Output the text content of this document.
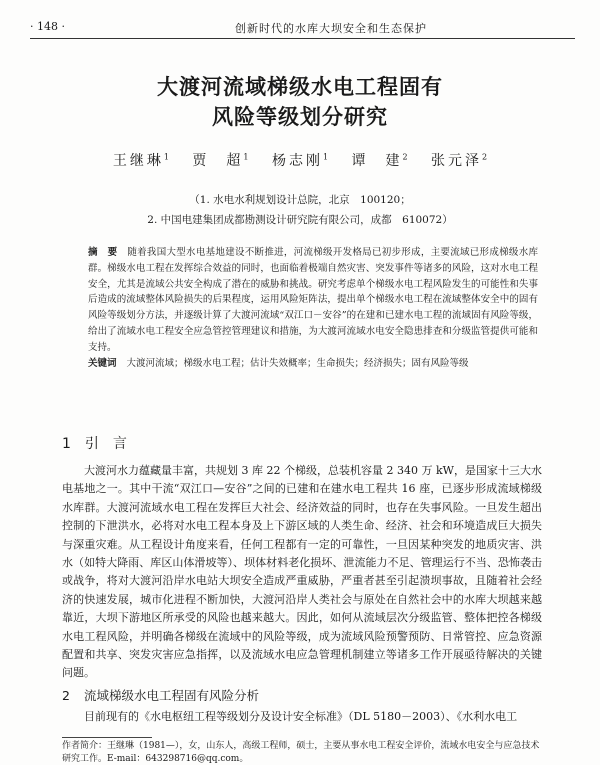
· 148 ·	创新时代的水库大坝安全和生态保护
大渡河流域梯级水电工程固有
风险等级划分研究
王继琳$^1$ 贾　超$^1$ 杨志刚$^1$ 谭　建$^2$ 张元泽$^2$
（1. 水电水利规划设计总院，北京　100120；
2. 中国电建集团成都勘测设计研究院有限公司，成都　610072）
摘　要 随着我国大型水电基地建设不断推进，河流梯级开发格局已初步形成，主要流域已形成梯级水库群。梯级水电工程在发挥综合效益的同时，也面临着极端自然灾害、突发事件等诸多的风险，这对水电工程安全，尤其是流域公共安全构成了潜在的威胁和挑战。研究考虑单个梯级水电工程风险发生的可能性和失事后造成的流域整体风险损失的后果程度，运用风险矩阵法，提出单个梯级水电工程在流域整体安全中的固有风险等级划分方法，并逐级计算了大渡河流域“双江口－安谷”的在建和已建水电工程的流域固有风险等级，给出了流域水电工程安全应急管控管理建议和措施，为大渡河流域水电安全隐患排查和分级监管提供可能和支持。
关键词 大渡河流域；梯级水电工程；估计失效概率；生命损失；经济损失；固有风险等级
1 引　言
大渡河水力蕴藏量丰富，共规划 3 库 22 个梯级，总装机容量 2 340 万 kW，是国家十三大水电基地之一。其中干流“双江口—安谷”之间的已建和在建水电工程共 16 座，已逐步形成流域梯级水库群。大渡河流域水电工程在发挥巨大社会、经济效益的同时，也存在失事风险。一旦发生超出控制的下泄洪水，必将对水电工程本身及上下游区域的人类生命、经济、社会和环境造成巨大损失与深重灾难。从工程设计角度来看，任何工程都有一定的可靠性，一旦因某种突发的地质灾害、洪水（如特大降雨、库区山体滑坡等）、坝体材料老化损坏、泄流能力不足、管理运行不当、恐怖袭击或战争，将对大渡河沿岸水电站大坝安全造成严重威胁，严重者甚至引起溃坝事故，且随着社会经济的快速发展，城市化进程不断加快，大渡河沿岸人类社会与原处在自然社会中的水库大坝越来越靠近，大坝下游地区所承受的风险也越来越大。因此，如何从流域层次分级监管、整体把控各梯级水电工程风险，并明确各梯级在流域中的风险等级，成为流域风险预警预防、日常管控、应急资源配置和共享、突发灾害应急指挥，以及流域水电应急管理机制建立等诸多工作开展亟待解决的关键问题。
2 流域梯级水电工程固有风险分析
目前现有的《水电枢纽工程等级划分及设计安全标准》（DL 5180－2003）、《水利水电工
作者简介：王继琳（1981—），女，山东人，高级工程师，硕士，主要从事水电工程安全评价，流域水电安全与应急技术研究工作。E-mail：643298716@qq.com。
